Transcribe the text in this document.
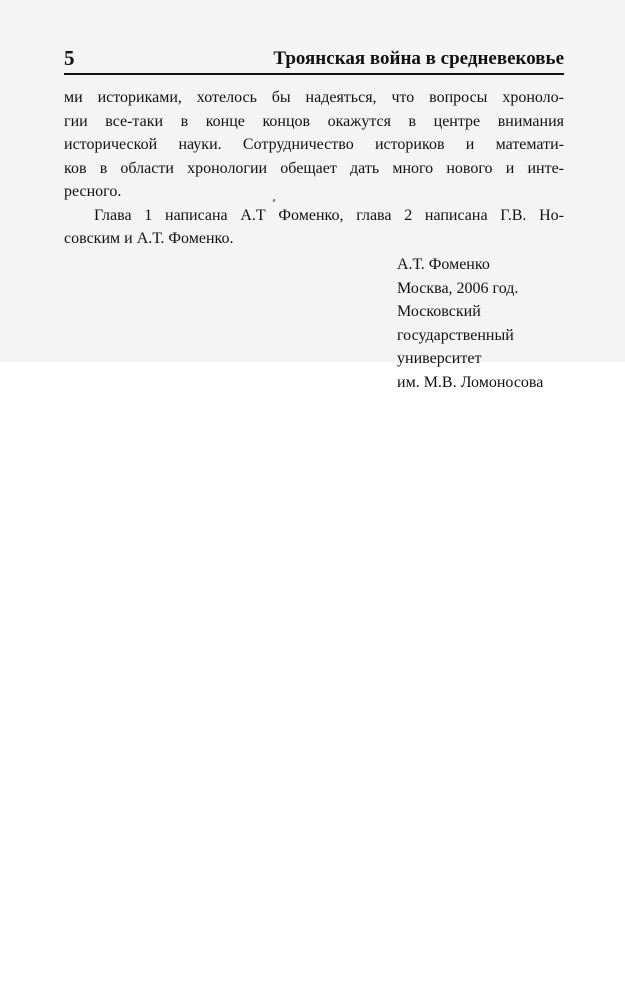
5	Троянская война в средневековье
ми историками, хотелось бы надеяться, что вопросы хроноло-
гии все-таки в конце концов окажутся в центре внимания
исторической науки. Сотрудничество историков и математи-
ков в области хронологии обещает дать много нового и инте-
ресного.
Глава 1 написана А.Т Фоменко, глава 2 написана Г.В. Но-
совским и А.Т. Фоменко.
А.Т. Фоменко
Москва, 2006 год.
Московский
государственный
университет
им. М.В. Ломоносова
